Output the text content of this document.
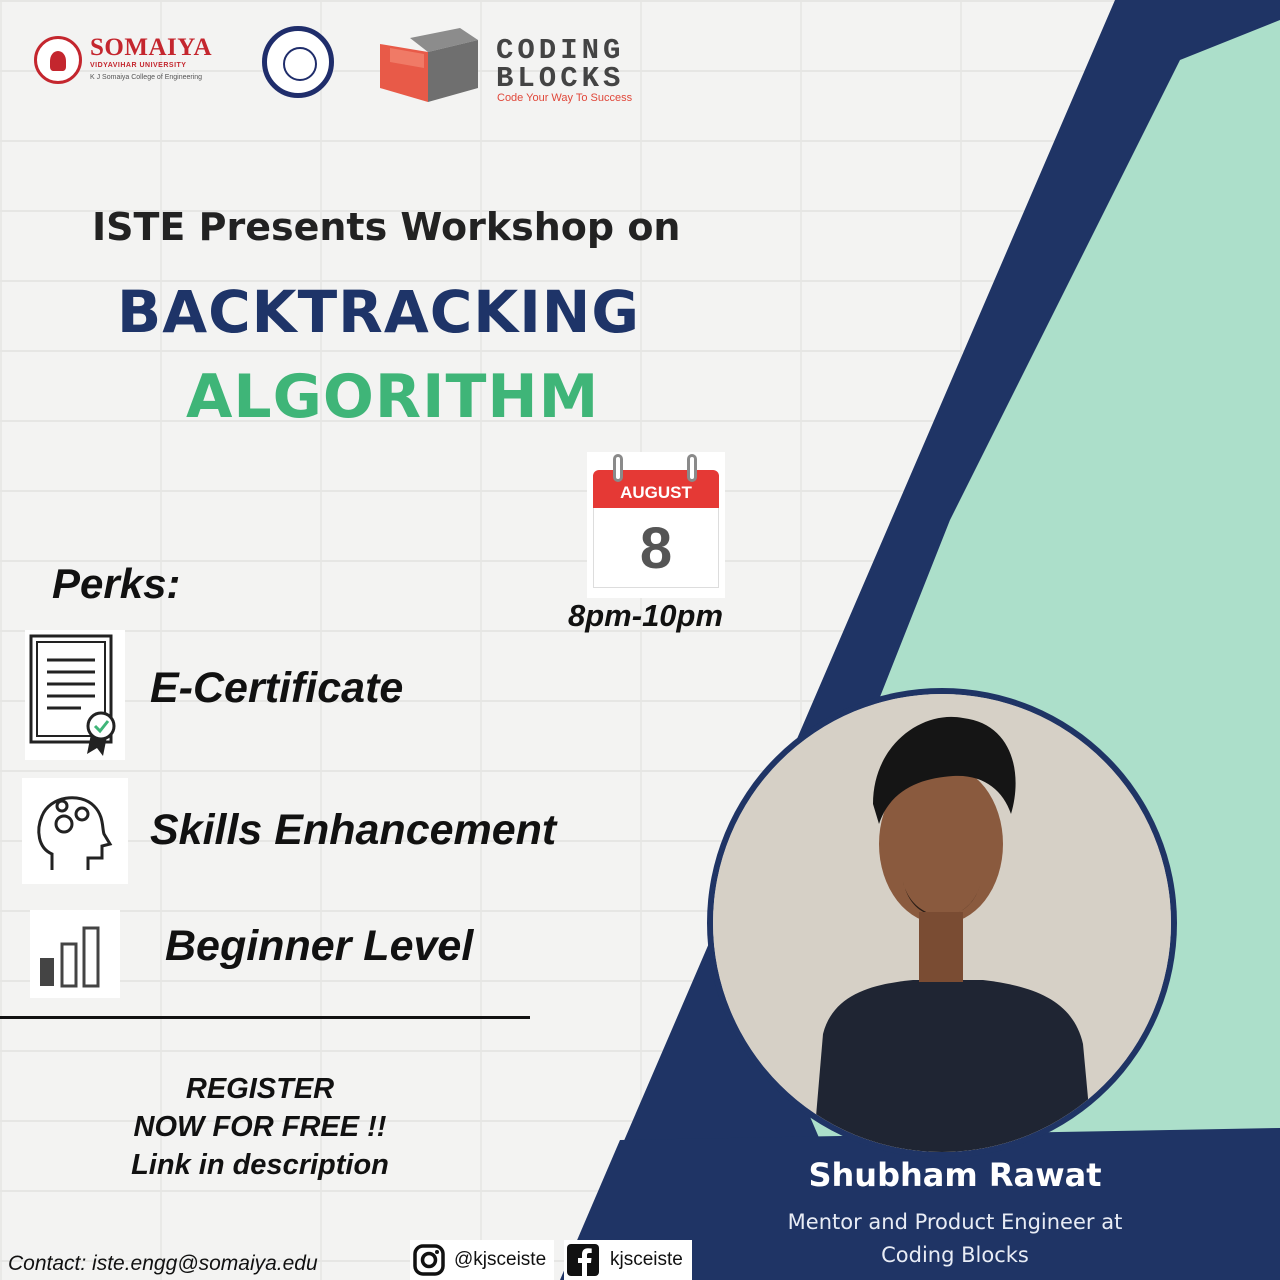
SOMAIYA
VIDYAVIHAR UNIVERSITY
K J Somaiya College of Engineering
CODING
BLOCKS
Code Your Way To Success
ISTE Presents Workshop on
BACKTRACKING
ALGORITHM
AUGUST
8
8pm-10pm
Perks:
E-Certificate
Skills Enhancement
Beginner Level
REGISTER
NOW FOR FREE !!
Link in description
Contact: iste.engg@somaiya.edu	@kjsceiste	kjsceiste
Shubham Rawat
Mentor and Product Engineer at
Coding Blocks
